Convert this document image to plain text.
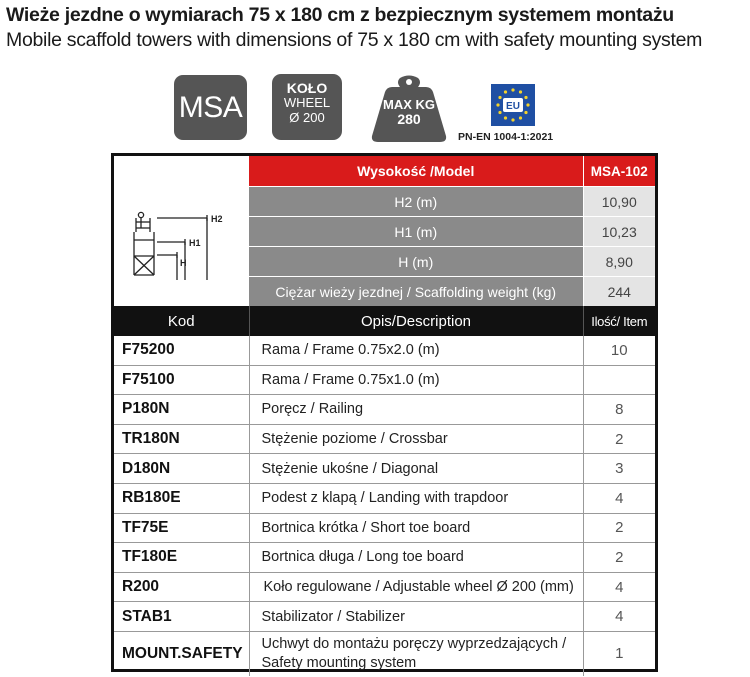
Wieże jezdne o wymiarach 75 x 180 cm z bezpiecznym systemem montażu
Mobile scaffold towers with dimensions of 75 x 180 cm with safety mounting system
MSA
KOŁO
WHEEL
Ø 200
MAX KG
280
EU
PN-EN 1004-1:2021
H2
H1
H	Wysokość /Model	MSA-102
	H2 (m)	10,90
	H1 (m)	10,23
	H (m)	8,90
	Ciężar wieży jezdnej / Scaffolding weight (kg)	244
Kod	Opis/Description	Ilość/ Item
F75200	Rama / Frame 0.75x2.0 (m)	10
F75100	Rama / Frame 0.75x1.0 (m)	
P180N	Poręcz / Railing	8
TR180N	Stężenie poziome / Crossbar	2
D180N	Stężenie ukośne / Diagonal	3
RB180E	Podest z klapą / Landing with trapdoor	4
TF75E	Bortnica krótka / Short toe board	2
TF180E	Bortnica długa / Long toe board	2
R200	Koło regulowane / Adjustable wheel Ø 200 (mm)	4
STAB1	Stabilizator / Stabilizer	4
MOUNT.SAFETY	Uchwyt do montażu poręczy wyprzedzających / Safety mounting system	1
